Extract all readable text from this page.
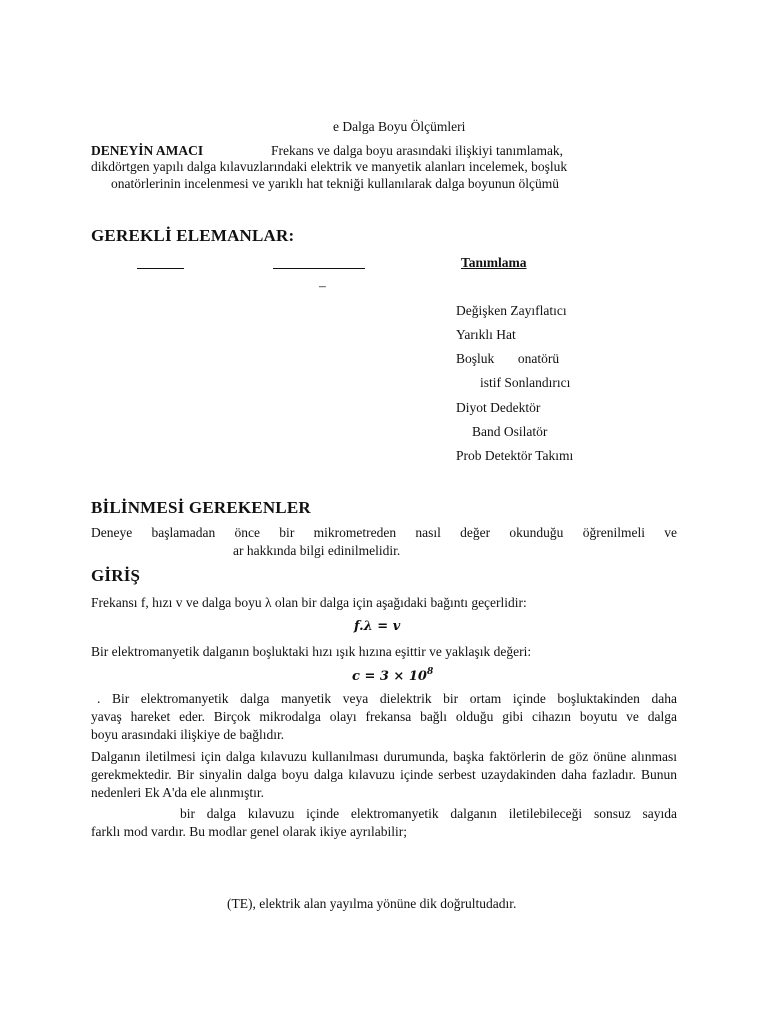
e Dalga Boyu Ölçümleri
DENEYİN AMACI	Frekans ve dalga boyu arasındaki ilişkiyi tanımlamak,
dikdörtgen yapılı dalga kılavuzlarındaki elektrik ve manyetik alanları incelemek, boşluk
onatörlerinin incelenmesi ve yarıklı hat tekniği kullanılarak dalga boyunun ölçümü
GEREKLİ ELEMANLAR:
Tanımlama
–
Değişken Zayıflatıcı
Yarıklı Hat
Boşluk       onatörü
istif Sonlandırıcı
Diyot Dedektör
Band Osilatör
Prob Detektör Takımı
BİLİNMESİ GEREKENLER
Deneye başlamadan önce bir mikrometreden nasıl değer okunduğu öğrenilmeli ve
ar hakkında bilgi edinilmelidir.
GİRİŞ
Frekansı f, hızı v ve dalga boyu λ olan bir dalga için aşağıdaki bağıntı geçerlidir:
f.λ = v
Bir elektromanyetik dalganın boşluktaki hızı ışık hızına eşittir ve yaklaşık değeri:
$c = 3 \times 10^8$
. Bir elektromanyetik dalga manyetik veya dielektrik bir ortam içinde boşluktakinden daha
yavaş hareket eder. Birçok mikrodalga olayı frekansa bağlı olduğu gibi cihazın boyutu ve dalga
boyu arasındaki ilişkiye de bağlıdır.
Dalganın iletilmesi için dalga kılavuzu kullanılması durumunda, başka faktörlerin de göz önüne alınması gerekmektedir. Bir sinyalin dalga boyu dalga kılavuzu içinde serbest uzaydakinden daha fazladır. Bunun nedenleri Ek A'da ele alınmıştır.
bir dalga kılavuzu içinde elektromanyetik dalganın iletilebileceği sonsuz sayıda
farklı mod vardır. Bu modlar genel olarak ikiye ayrılabilir;
(TE), elektrik alan yayılma yönüne dik doğrultudadır.
